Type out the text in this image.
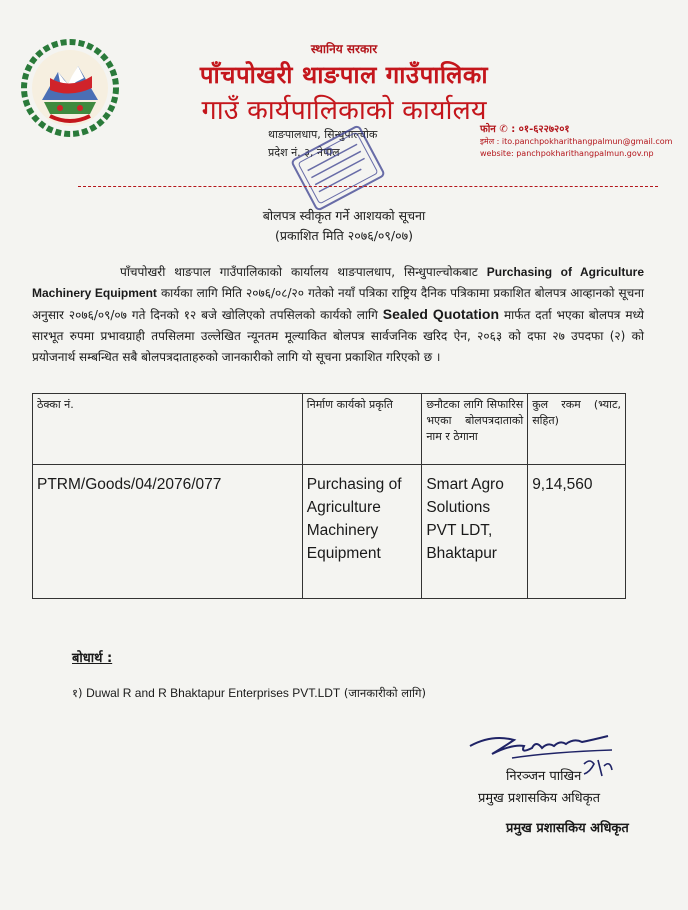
स्थानिय सरकार
पाँचपोखरी थाङपाल गाउँपालिका
गाउँ कार्यपालिकाको कार्यालय
थाङपालधाप, सिन्धुपाल्चोक
प्रदेश नं. ३, नेपाल
फोन ✆ : ०१-६२२७२०१
इमेल : ito.panchpokharithangpalmun@gmail.com
website: panchpokharithangpalmun.gov.np
बोलपत्र स्वीकृत गर्ने आशयको सूचना
(प्रकाशित मिति २०७६/०९/०७)
पाँचपोखरी थाङपाल गाउँपालिकाको कार्यालय थाङपालधाप, सिन्धुपाल्चोकबाट Purchasing of Agriculture Machinery Equipment कार्यका लागि मिति २०७६/०८/२० गतेको नयाँ पत्रिका राष्ट्रिय दैनिक पत्रिकामा प्रकाशित बोलपत्र आव्हानको सूचना अनुसार २०७६/०९/०७ गते दिनको १२ बजे खोलिएको तपसिलको कार्यको लागि Sealed Quotation मार्फत दर्ता भएका बोलपत्र मध्ये सारभूत रुपमा प्रभावग्राही तपसिलमा उल्लेखित न्यूनतम मूल्याकित बोलपत्र सार्वजनिक खरिद ऐन, २०६३ को दफा २७ उपदफा (२) को प्रयोजनार्थ सम्बन्धित सबै बोलपत्रदाताहरुको जानकारीको लागि यो सूचना प्रकाशित गरिएको छ ।
ठेक्का नं.	निर्माण कार्यको प्रकृति	छनौटका लागि सिफारिस भएका बोलपत्रदाताको नाम र ठेगाना	कुल रकम (भ्याट, सहित)
PTRM/Goods/04/2076/077	Purchasing of Agriculture Machinery Equipment	Smart Agro Solutions PVT LDT, Bhaktapur	9,14,560
बोधार्थ :
१) Duwal R and R Bhaktapur Enterprises PVT.LDT (जानकारीको लागि)
निरञ्जन पाखिन
प्रमुख प्रशासकिय अधिकृत
प्रमुख प्रशासकिय अधिकृत
